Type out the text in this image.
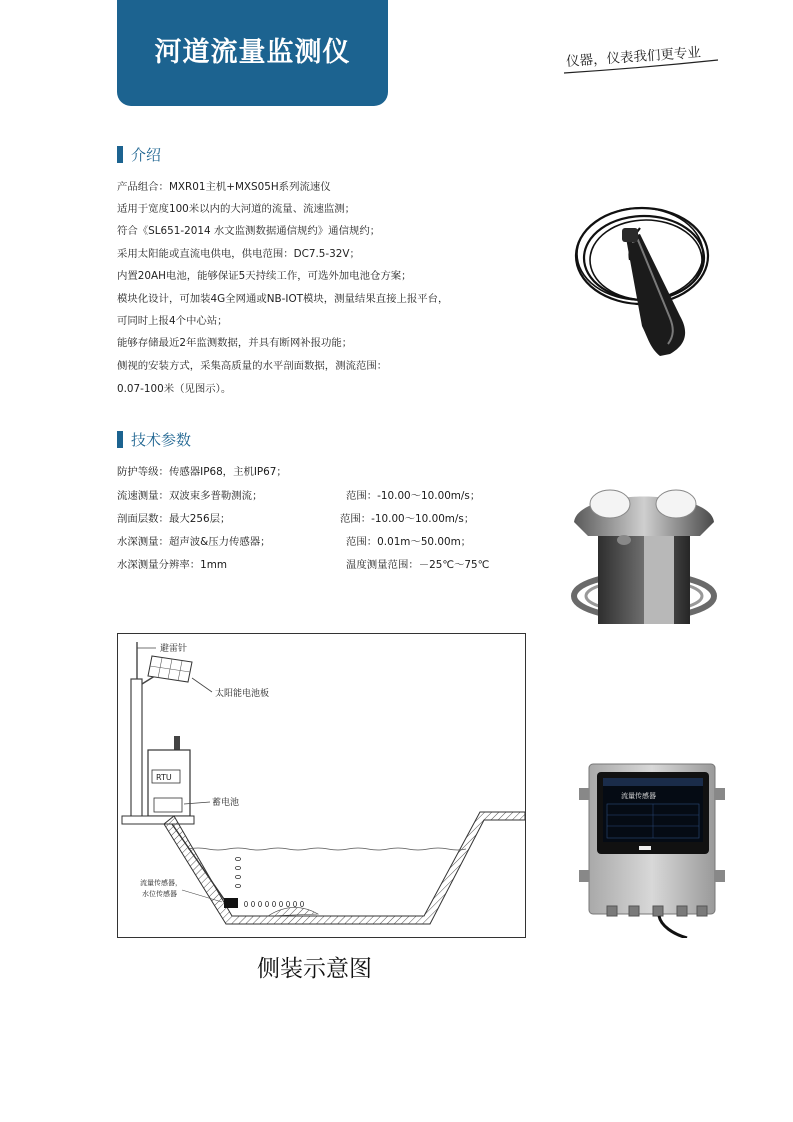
河道流量监测仪	仪器，仪表我们更专业
介绍
产品组合：MXR01主机+MXS05H系列流速仪
适用于宽度100米以内的大河道的流量、流速监测；
符合《SL651-2014 水文监测数据通信规约》通信规约；
采用太阳能或直流电供电，供电范围：DC7.5-32V；
内置20AH电池，能够保证5天持续工作，可选外加电池仓方案；
模块化设计，可加装4G全网通或NB-IOT模块，测量结果直接上报平台，
可同时上报4个中心站；
能够存储最近2年监测数据，并具有断网补报功能；
侧视的安装方式，采集高质量的水平剖面数据，测流范围：
0.07-100米（见图示）。
技术参数
防护等级：传感器IP68，主机IP67；
流速测量：双波束多普勒测流；	范围：-10.00～10.00m/s；
剖面层数：最大256层；	范围：-10.00～10.00m/s；
水深测量：超声波&压力传感器；	范围：0.01m～50.00m；
水深测量分辨率：1mm	温度测量范围：－25℃～75℃
避雷针
太阳能电池板
RTU
蓄电池
流量传感器，
水位传感器
侧装示意图
流量传感器
